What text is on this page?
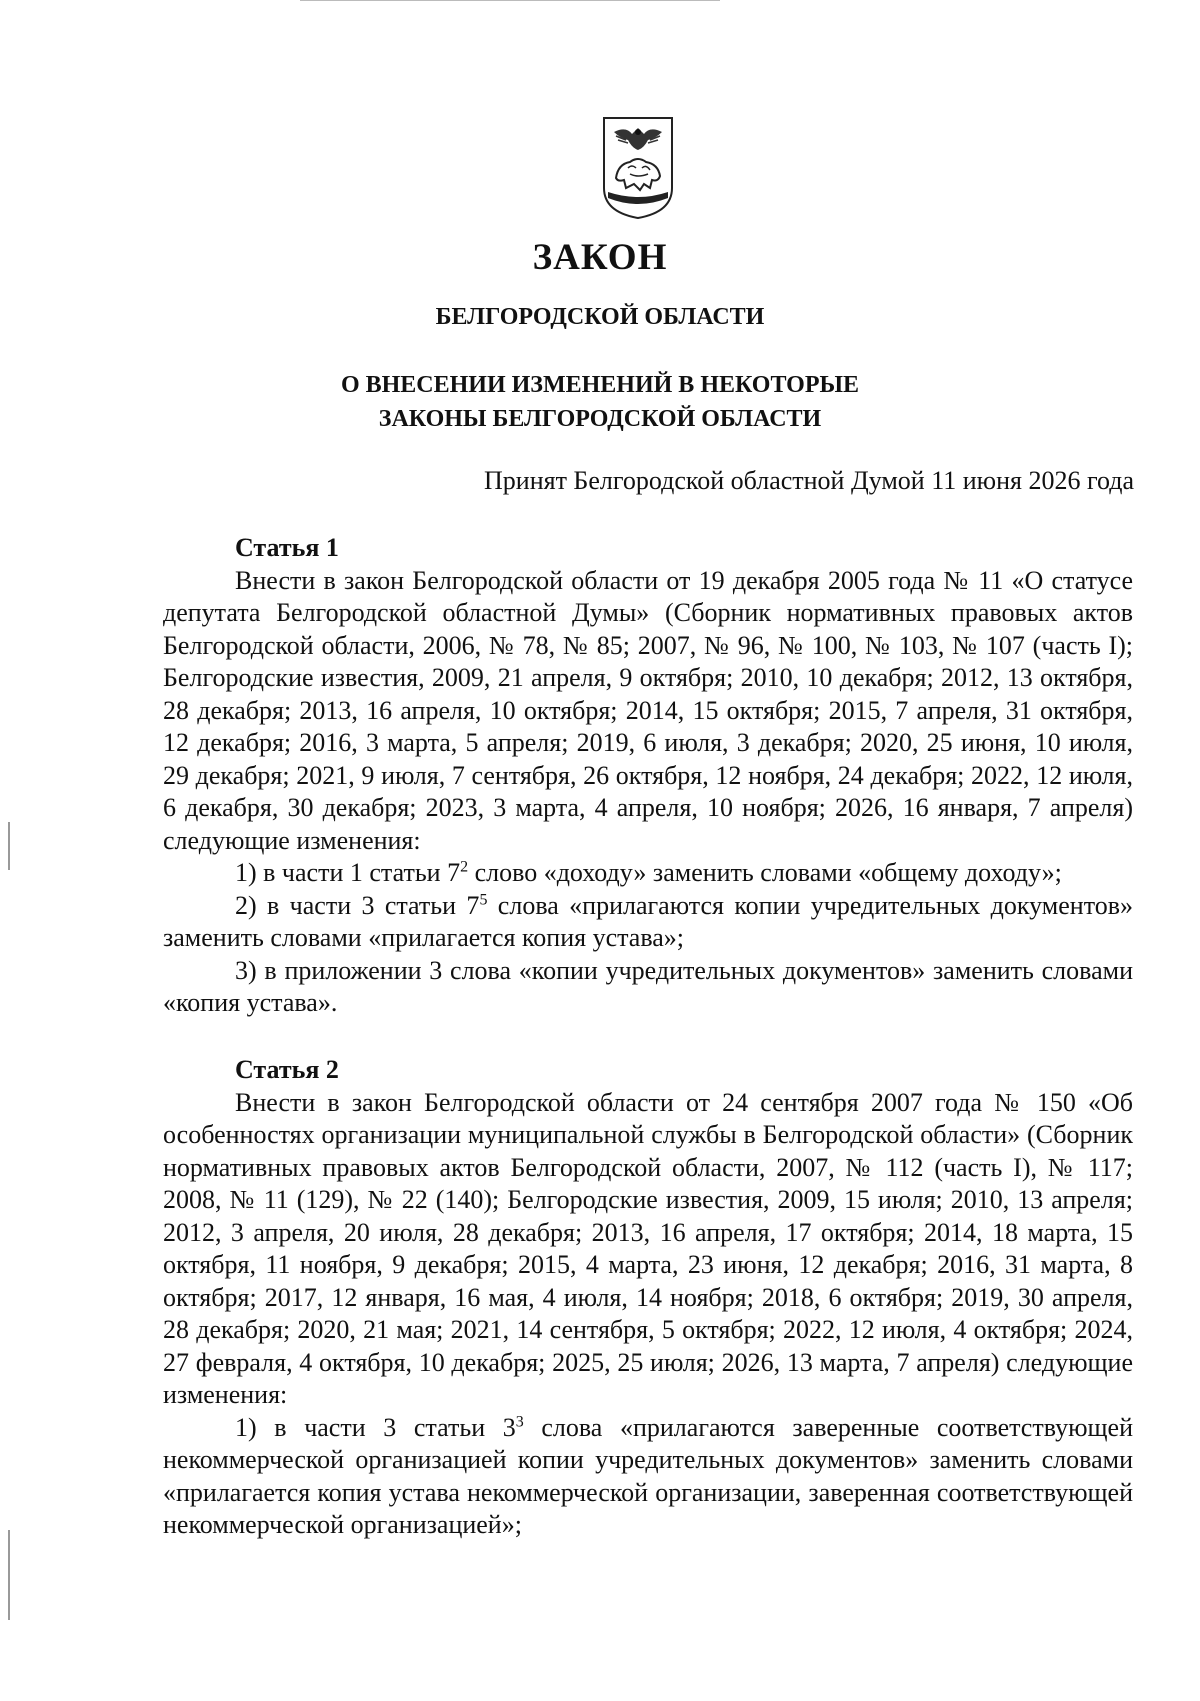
ЗАКОН
БЕЛГОРОДСКОЙ ОБЛАСТИ
О ВНЕСЕНИИ ИЗМЕНЕНИЙ В НЕКОТОРЫЕ
ЗАКОНЫ БЕЛГОРОДСКОЙ ОБЛАСТИ
Принят Белгородской областной Думой 11 июня 2026 года

Статья 1

Внести в закон Белгородской области от 19 декабря 2005 года № 11 «О статусе депутата Белгородской областной Думы» (Сборник нормативных правовых актов Белгородской области, 2006, № 78, № 85; 2007, № 96, № 100, № 103, № 107 (часть I); Белгородские известия, 2009, 21 апреля, 9 октября; 2010, 10 декабря; 2012, 13 октября, 28 декабря; 2013, 16 апреля, 10 октября; 2014, 15 октября; 2015, 7 апреля, 31 октября, 12 декабря; 2016, 3 марта, 5 апреля; 2019, 6 июля, 3 декабря; 2020, 25 июня, 10 июля, 29 декабря; 2021, 9 июля, 7 сентября, 26 октября, 12 ноября, 24 декабря; 2022, 12 июля, 6 декабря, 30 декабря; 2023, 3 марта, 4 апреля, 10 ноября; 2026, 16 января, 7 апреля) следующие изменения:

1) в части 1 статьи $7^2$ слово «доходу» заменить словами «общему доходу»;

2) в части 3 статьи $7^5$ слова «прилагаются копии учредительных документов» заменить словами «прилагается копия устава»;

3) в приложении 3 слова «копии учредительных документов» заменить словами «копия устава».

Статья 2

Внести в закон Белгородской области от 24 сентября 2007 года № 150 «Об особенностях организации муниципальной службы в Белгородской области» (Сборник нормативных правовых актов Белгородской области, 2007, № 112 (часть I), № 117; 2008, № 11 (129), № 22 (140); Белгородские известия, 2009, 15 июля; 2010, 13 апреля; 2012, 3 апреля, 20 июля, 28 декабря; 2013, 16 апреля, 17 октября; 2014, 18 марта, 15 октября, 11 ноября, 9 декабря; 2015, 4 марта, 23 июня, 12 декабря; 2016, 31 марта, 8 октября; 2017, 12 января, 16 мая, 4 июля, 14 ноября; 2018, 6 октября; 2019, 30 апреля, 28 декабря; 2020, 21 мая; 2021, 14 сентября, 5 октября; 2022, 12 июля, 4 октября; 2024, 27 февраля, 4 октября, 10 декабря; 2025, 25 июля; 2026, 13 марта, 7 апреля) следующие изменения:

1) в части 3 статьи $3^3$ слова «прилагаются заверенные соответствующей некоммерческой организацией копии учредительных документов» заменить словами «прилагается копия устава некоммерческой организации, заверенная соответствующей некоммерческой организацией»;
